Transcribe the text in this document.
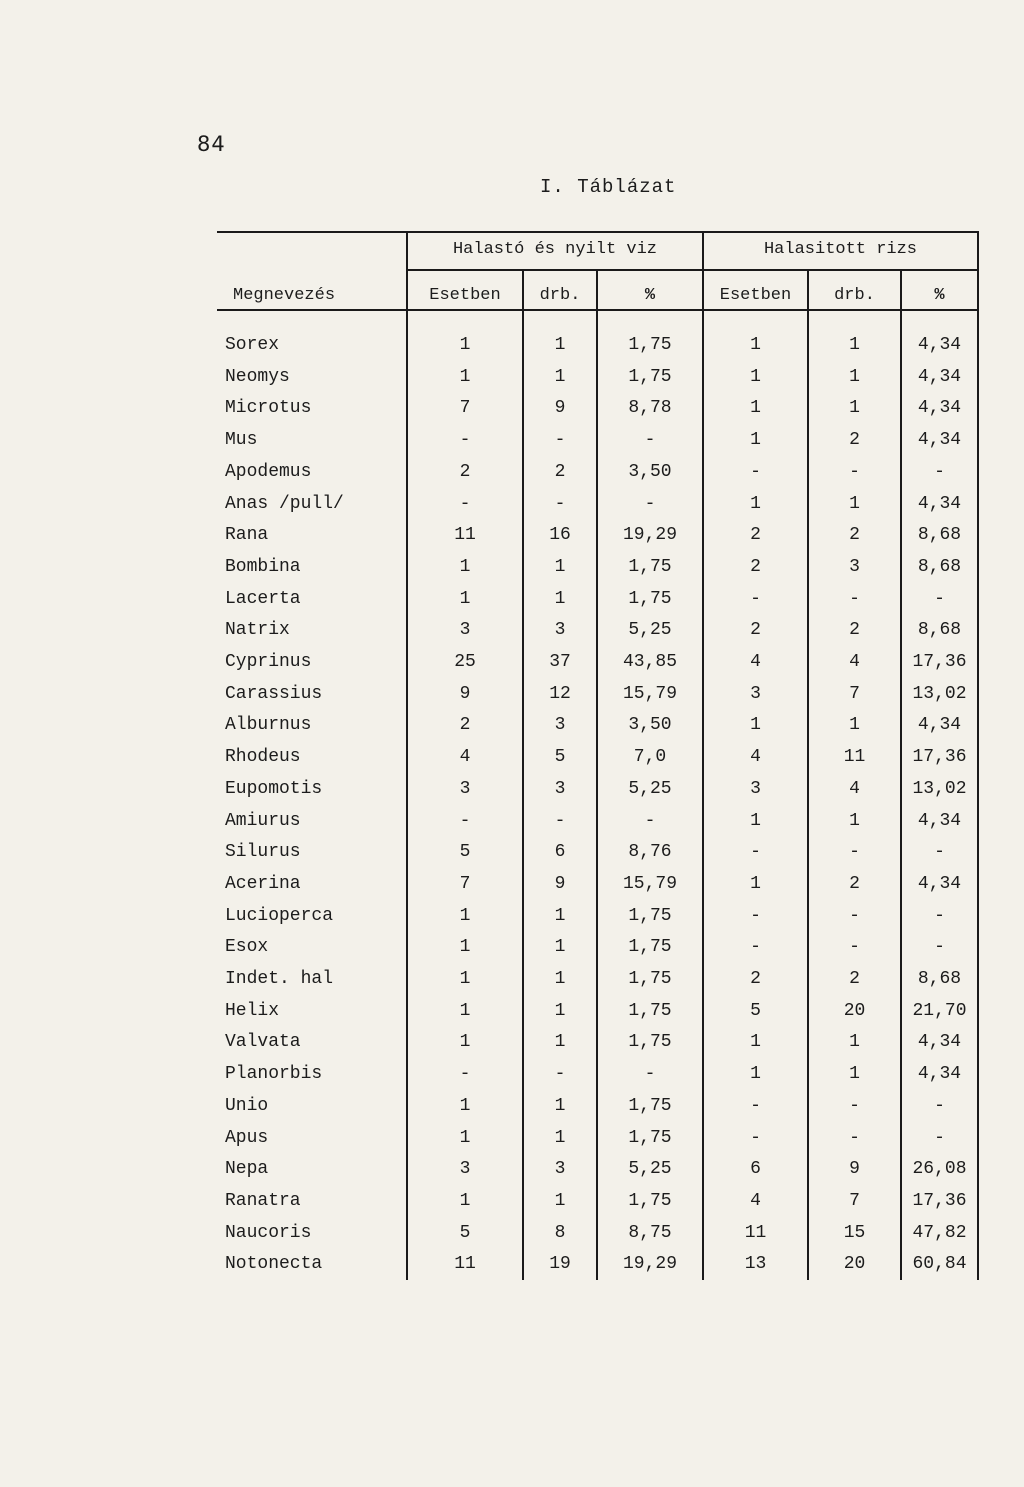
84
I. Táblázat
Halastó és nyilt viz	Halasitott rizs
Megnevezés	Esetben	drb.	%	Esetben	drb.	%
Sorex	1	1	1,75	1	1	4,34
Neomys	1	1	1,75	1	1	4,34
Microtus	7	9	8,78	1	1	4,34
Mus	-	-	-	1	2	4,34
Apodemus	2	2	3,50	-	-	-
Anas /pull/	-	-	-	1	1	4,34
Rana	11	16	19,29	2	2	8,68
Bombina	1	1	1,75	2	3	8,68
Lacerta	1	1	1,75	-	-	-
Natrix	3	3	5,25	2	2	8,68
Cyprinus	25	37	43,85	4	4	17,36
Carassius	9	12	15,79	3	7	13,02
Alburnus	2	3	3,50	1	1	4,34
Rhodeus	4	5	7,0	4	11	17,36
Eupomotis	3	3	5,25	3	4	13,02
Amiurus	-	-	-	1	1	4,34
Silurus	5	6	8,76	-	-	-
Acerina	7	9	15,79	1	2	4,34
Lucioperca	1	1	1,75	-	-	-
Esox	1	1	1,75	-	-	-
Indet. hal	1	1	1,75	2	2	8,68
Helix	1	1	1,75	5	20	21,70
Valvata	1	1	1,75	1	1	4,34
Planorbis	-	-	-	1	1	4,34
Unio	1	1	1,75	-	-	-
Apus	1	1	1,75	-	-	-
Nepa	3	3	5,25	6	9	26,08
Ranatra	1	1	1,75	4	7	17,36
Naucoris	5	8	8,75	11	15	47,82
Notonecta	11	19	19,29	13	20	60,84
